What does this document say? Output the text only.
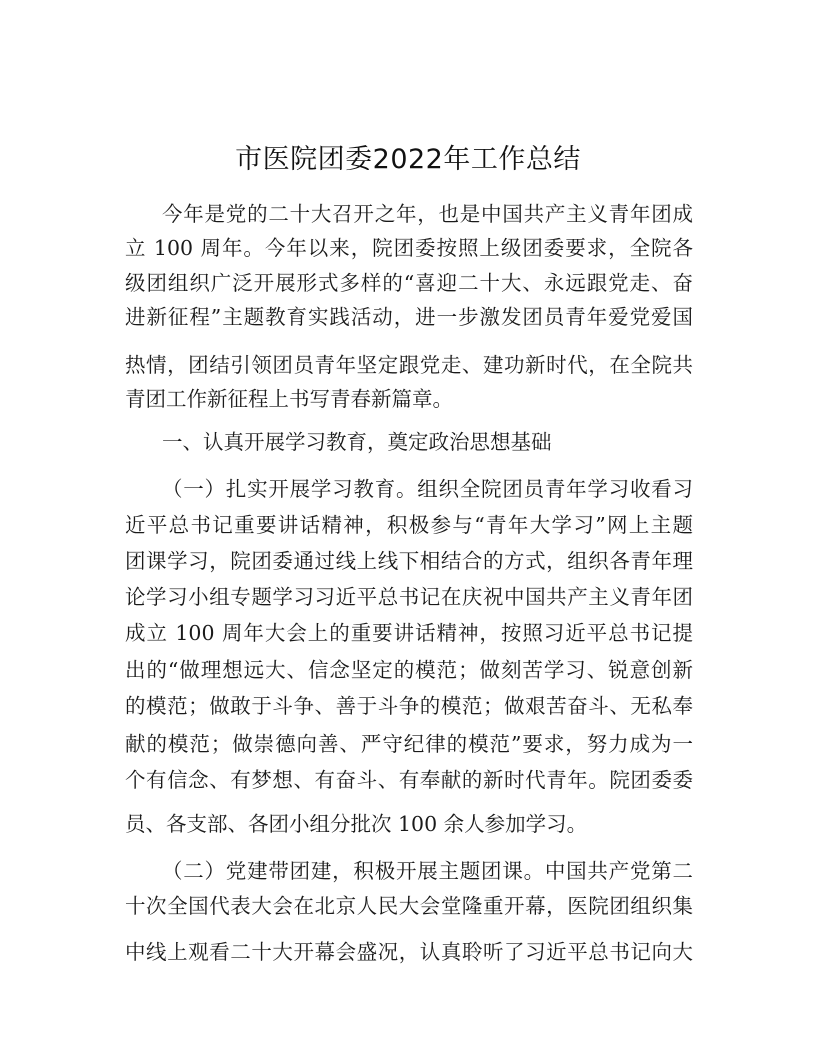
市医院团委2022年工作总结
今年是党的二十大召开之年，也是中国共产主义青年团成
立 100 周年。今年以来，院团委按照上级团委要求，全院各
级团组织广泛开展形式多样的“喜迎二十大、永远跟党走、奋
进新征程”主题教育实践活动，进一步激发团员青年爱党爱国
热情，团结引领团员青年坚定跟党走、建功新时代，在全院共
青团工作新征程上书写青春新篇章。
一、认真开展学习教育，奠定政治思想基础
（一）扎实开展学习教育。组织全院团员青年学习收看习
近平总书记重要讲话精神，积极参与“青年大学习”网上主题
团课学习，院团委通过线上线下相结合的方式，组织各青年理
论学习小组专题学习习近平总书记在庆祝中国共产主义青年团
成立 100 周年大会上的重要讲话精神，按照习近平总书记提
出的“做理想远大、信念坚定的模范；做刻苦学习、锐意创新
的模范；做敢于斗争、善于斗争的模范；做艰苦奋斗、无私奉
献的模范；做崇德向善、严守纪律的模范”要求，努力成为一
个有信念、有梦想、有奋斗、有奉献的新时代青年。院团委委
员、各支部、各团小组分批次 100 余人参加学习。
（二）党建带团建，积极开展主题团课。中国共产党第二
十次全国代表大会在北京人民大会堂隆重开幕，医院团组织集
中线上观看二十大开幕会盛况，认真聆听了习近平总书记向大
